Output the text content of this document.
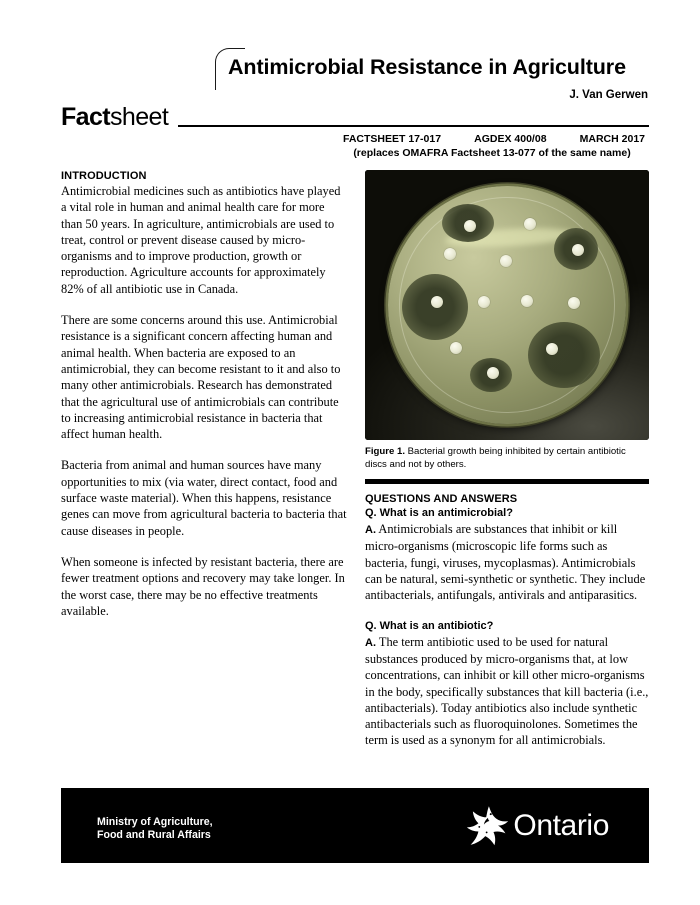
Antimicrobial Resistance in Agriculture
J. Van Gerwen
Factsheet
FACTSHEET 17-017	AGDEX 400/08	MARCH 2017
(replaces OMAFRA Factsheet 13-077 of the same name)
INTRODUCTION

Antimicrobial medicines such as antibiotics have played a vital role in human and animal health care for more than 50 years. In agriculture, antimicrobials are used to treat, control or prevent disease caused by micro-organisms and to improve production, growth or reproduction. Agriculture accounts for approximately 82% of all antibiotic use in Canada.

There are some concerns around this use. Antimicrobial resistance is a significant concern affecting human and animal health. When bacteria are exposed to an antimicrobial, they can become resistant to it and also to many other antimicrobials. Research has demonstrated that the agricultural use of antimicrobials can contribute to increasing antimicrobial resistance in bacteria that affect human health.

Bacteria from animal and human sources have many opportunities to mix (via water, direct contact, food and surface waste material). When this happens, resistance genes can move from agricultural bacteria to bacteria that cause diseases in people.

When someone is infected by resistant bacteria, there are fewer treatment options and recovery may take longer. In the worst case, there may be no effective treatments available.

Figure 1. Bacterial growth being inhibited by certain antibiotic discs and not by others.
QUESTIONS AND ANSWERS
Q. What is an antimicrobial?

A. Antimicrobials are substances that inhibit or kill micro-organisms (microscopic life forms such as bacteria, fungi, viruses, mycoplasmas). Antimicrobials can be natural, semi-synthetic or synthetic. They include antibacterials, antifungals, antivirals and antiparasitics.

Q. What is an antibiotic?

A. The term antibiotic used to be used for natural substances produced by micro-organisms that, at low concentrations, can inhibit or kill other micro-organisms in the body, specifically substances that kill bacteria (i.e., antibacterials). Today antibiotics also include synthetic antibacterials such as fluoroquinolones. Sometimes the term is used as a synonym for all antimicrobials.

Ministry of Agriculture,
Food and Rural Affairs	Ontario
